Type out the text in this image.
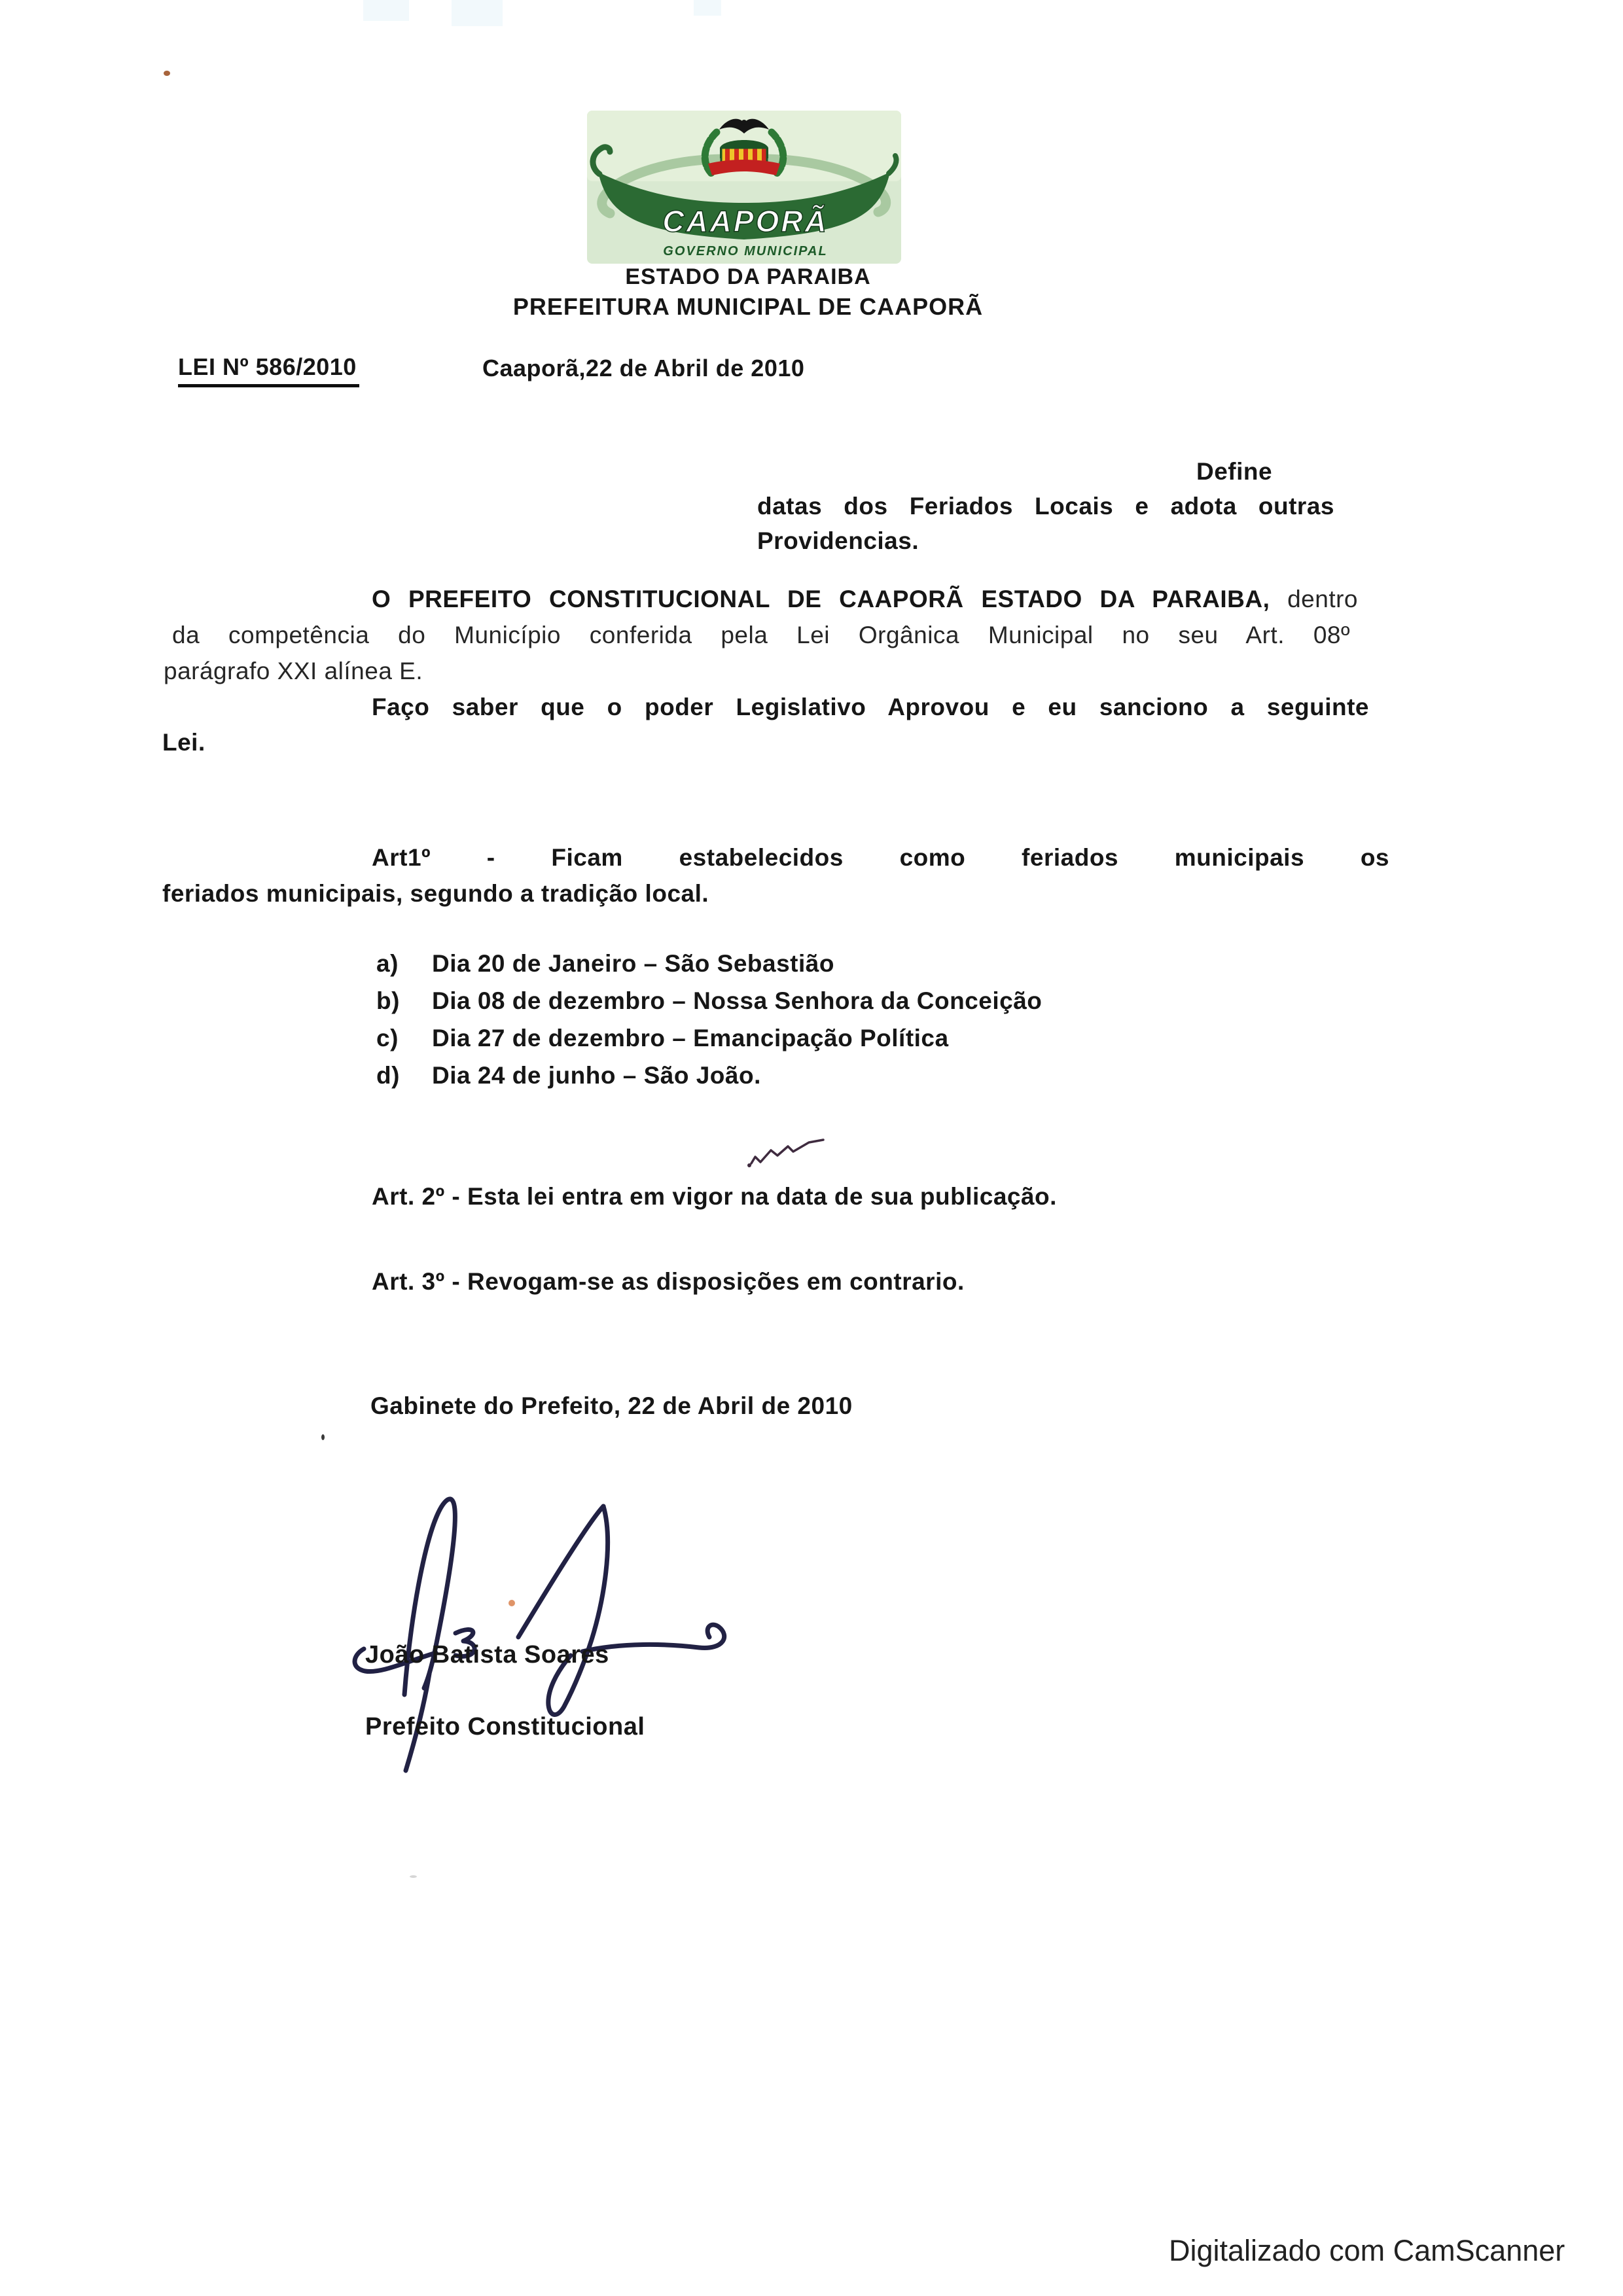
CAAPORÃ
GOVERNO MUNICIPAL
ESTADO DA PARAIBA
PREFEITURA MUNICIPAL DE CAAPORÃ
LEI Nº 586/2010	Caaporã,22 de Abril de 2010
Define
datas dos Feriados Locais e adota outras
Providencias.
O PREFEITO CONSTITUCIONAL DE CAAPORÃ ESTADO DA PARAIBA, dentro
da competência do Município conferida pela Lei Orgânica Municipal no seu Art. 08º
parágrafo XXI alínea E.
Faço saber que o poder Legislativo Aprovou e eu sanciono a seguinte
Lei.
Art1º - Ficam estabelecidos como feriados municipais os
feriados municipais, segundo a tradição local.
a) Dia 20 de Janeiro – São Sebastião
b) Dia 08 de dezembro – Nossa Senhora da Conceição
c) Dia 27 de dezembro – Emancipação Política
d) Dia 24 de junho – São João.
Art. 2º - Esta lei entra em vigor na data de sua publicação.
Art. 3º - Revogam-se as disposições em contrario.
Gabinete do Prefeito, 22 de Abril de 2010
João Batista Soares
Prefeito Constitucional
Digitalizado com CamScanner
